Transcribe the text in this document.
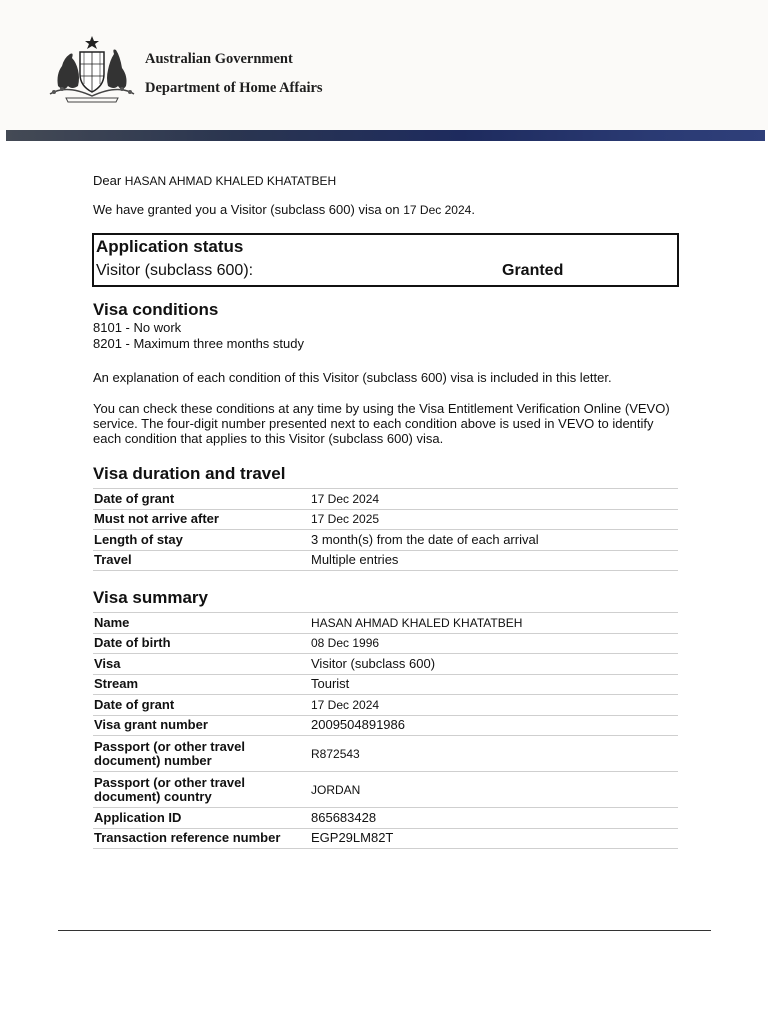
Australian Government
Department of Home Affairs

Dear HASAN AHMAD KHALED KHATATBEH

We have granted you a Visitor (subclass 600) visa on 17 Dec 2024.

Application status
Visitor (subclass 600):	Granted
Visa conditions
8101 - No work
8201 - Maximum three months study

An explanation of each condition of this Visitor (subclass 600) visa is included in this letter.

You can check these conditions at any time by using the Visa Entitlement Verification Online (VEVO) service. The four-digit number presented next to each condition above is used in VEVO to identify each condition that applies to this Visitor (subclass 600) visa.

Visa duration and travel
Date of grant	17 Dec 2024
Must not arrive after	17 Dec 2025
Length of stay	3 month(s) from the date of each arrival
Travel	Multiple entries
Visa summary
Name	HASAN AHMAD KHALED KHATATBEH
Date of birth	08 Dec 1996
Visa	Visitor (subclass 600)
Stream	Tourist
Date of grant	17 Dec 2024
Visa grant number	2009504891986
Passport (or other travel document) number	R872543
Passport (or other travel document) country	JORDAN
Application ID	865683428
Transaction reference number	EGP29LM82T
